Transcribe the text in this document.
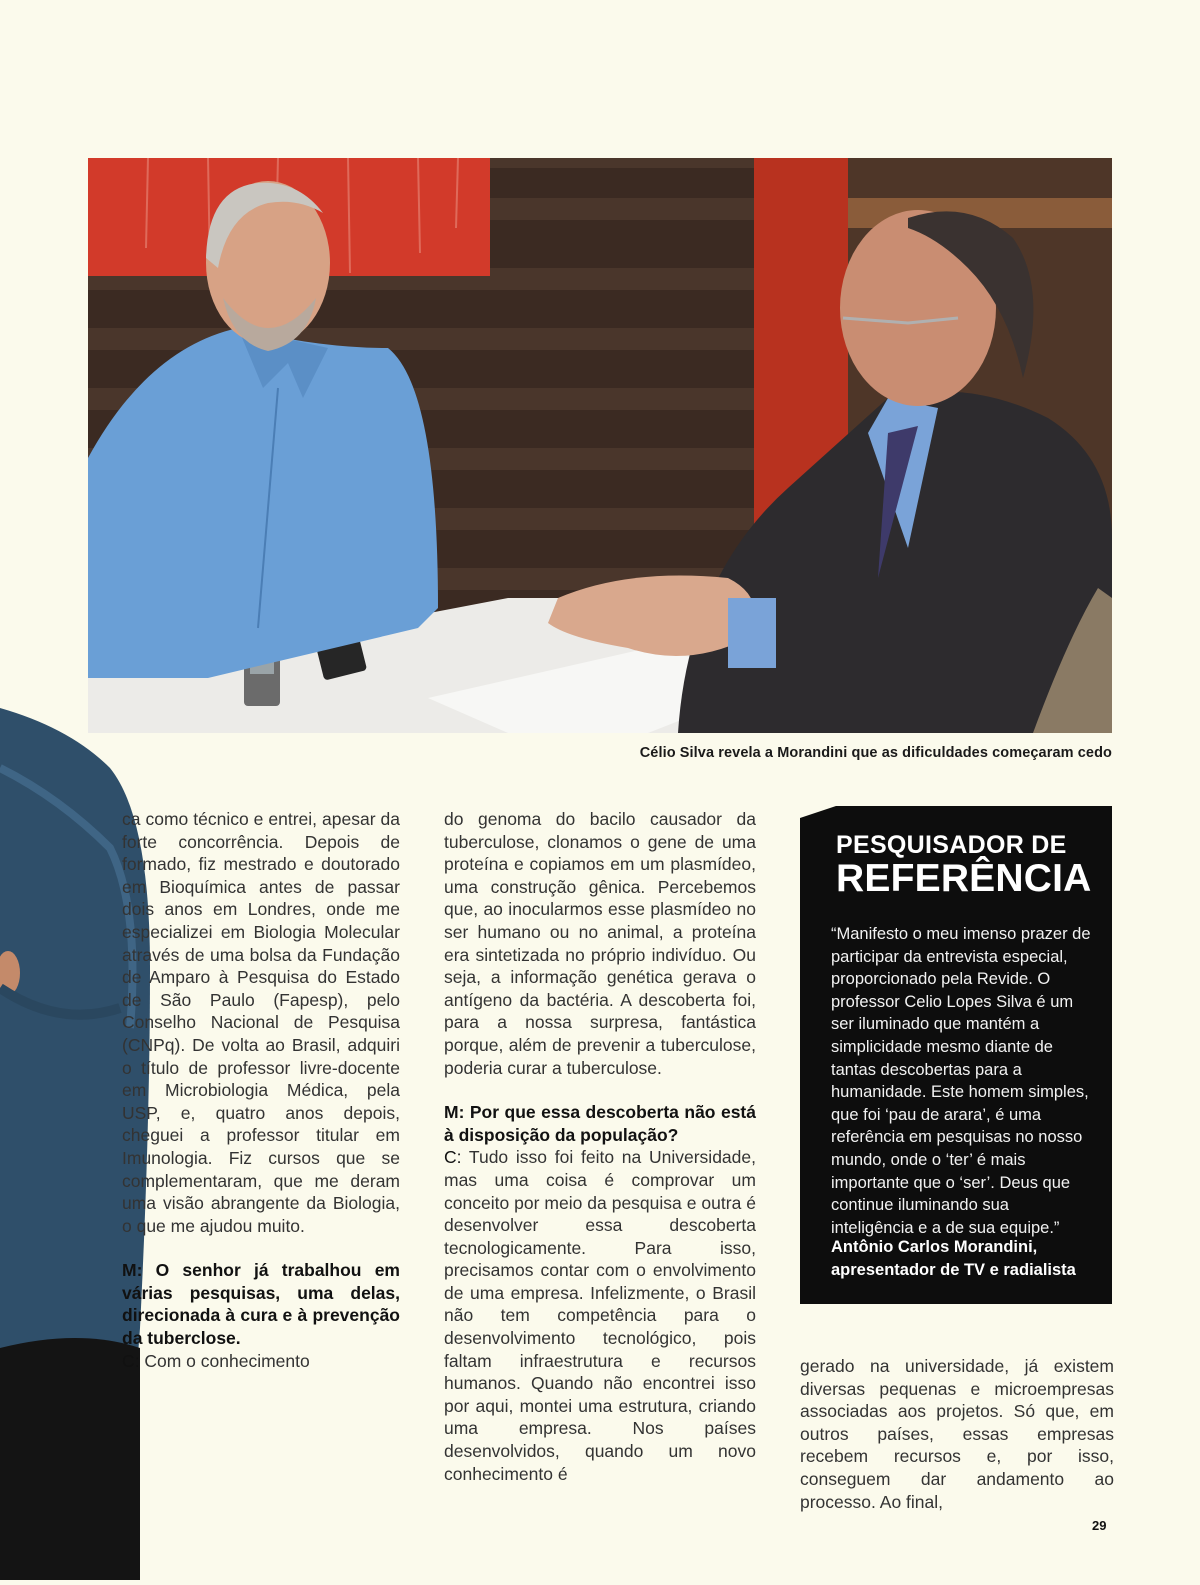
Célio Silva revela a Morandini que as dificuldades começaram cedo

ca como técnico e entrei, apesar da forte concorrência. Depois de formado, fiz mestrado e doutorado em Bioquímica antes de passar dois anos em Londres, onde me especializei em Biologia Molecular através de uma bolsa da Fundação de Amparo à Pesquisa do Estado de São Paulo (Fapesp), pelo Conselho Nacional de Pesquisa (CNPq). De volta ao Brasil, adquiri o título de professor livre-docente em Microbiologia Médica, pela USP, e, quatro anos depois, cheguei a professor titular em Imunologia. Fiz cursos que se complementaram, que me deram uma visão abrangente da Biologia, o que me ajudou muito.

M: O senhor já trabalhou em várias pesquisas, uma delas, direcionada à cura e à prevenção da tuberclose.

C: Com o conhecimento

do genoma do bacilo causador da tuberculose, clonamos o gene de uma proteína e copiamos em um plasmídeo, uma construção gênica. Percebemos que, ao inocularmos esse plasmídeo no ser humano ou no animal, a proteína era sintetizada no próprio indivíduo. Ou seja, a informação genética gerava o antígeno da bactéria. A descoberta foi, para a nossa surpresa, fantástica porque, além de prevenir a tuberculose, poderia curar a tuberculose.

M: Por que essa descoberta não está à disposição da população?

C: Tudo isso foi feito na Universidade, mas uma coisa é comprovar um conceito por meio da pesquisa e outra é desenvolver essa descoberta tecnologicamente. Para isso, precisamos contar com o envolvimento de uma empresa. Infelizmente, o Brasil não tem competência para o desenvolvimento tecnológico, pois faltam infraestrutura e recursos humanos. Quando não encontrei isso por aqui, montei uma estrutura, criando uma empresa. Nos países desenvolvidos, quando um novo conhecimento é

PESQUISADOR DE
REFERÊNCIA
“Manifesto o meu imenso prazer de participar da entrevista especial, proporcionado pela Revide. O professor Celio Lopes Silva é um ser iluminado que mantém a simplicidade mesmo diante de tantas descobertas para a humanidade. Este homem simples, que foi ‘pau de arara’, é uma referência em pesquisas no nosso mundo, onde o ‘ter’ é mais importante que o ‘ser’. Deus que continue iluminando sua inteligência e a de sua equipe.”
Antônio Carlos Morandini, apresentador de TV e radialista

gerado na universidade, já existem diversas pequenas e microempresas associadas aos projetos. Só que, em outros países, essas empresas recebem recursos e, por isso, conseguem dar andamento ao processo. Ao final,

29
